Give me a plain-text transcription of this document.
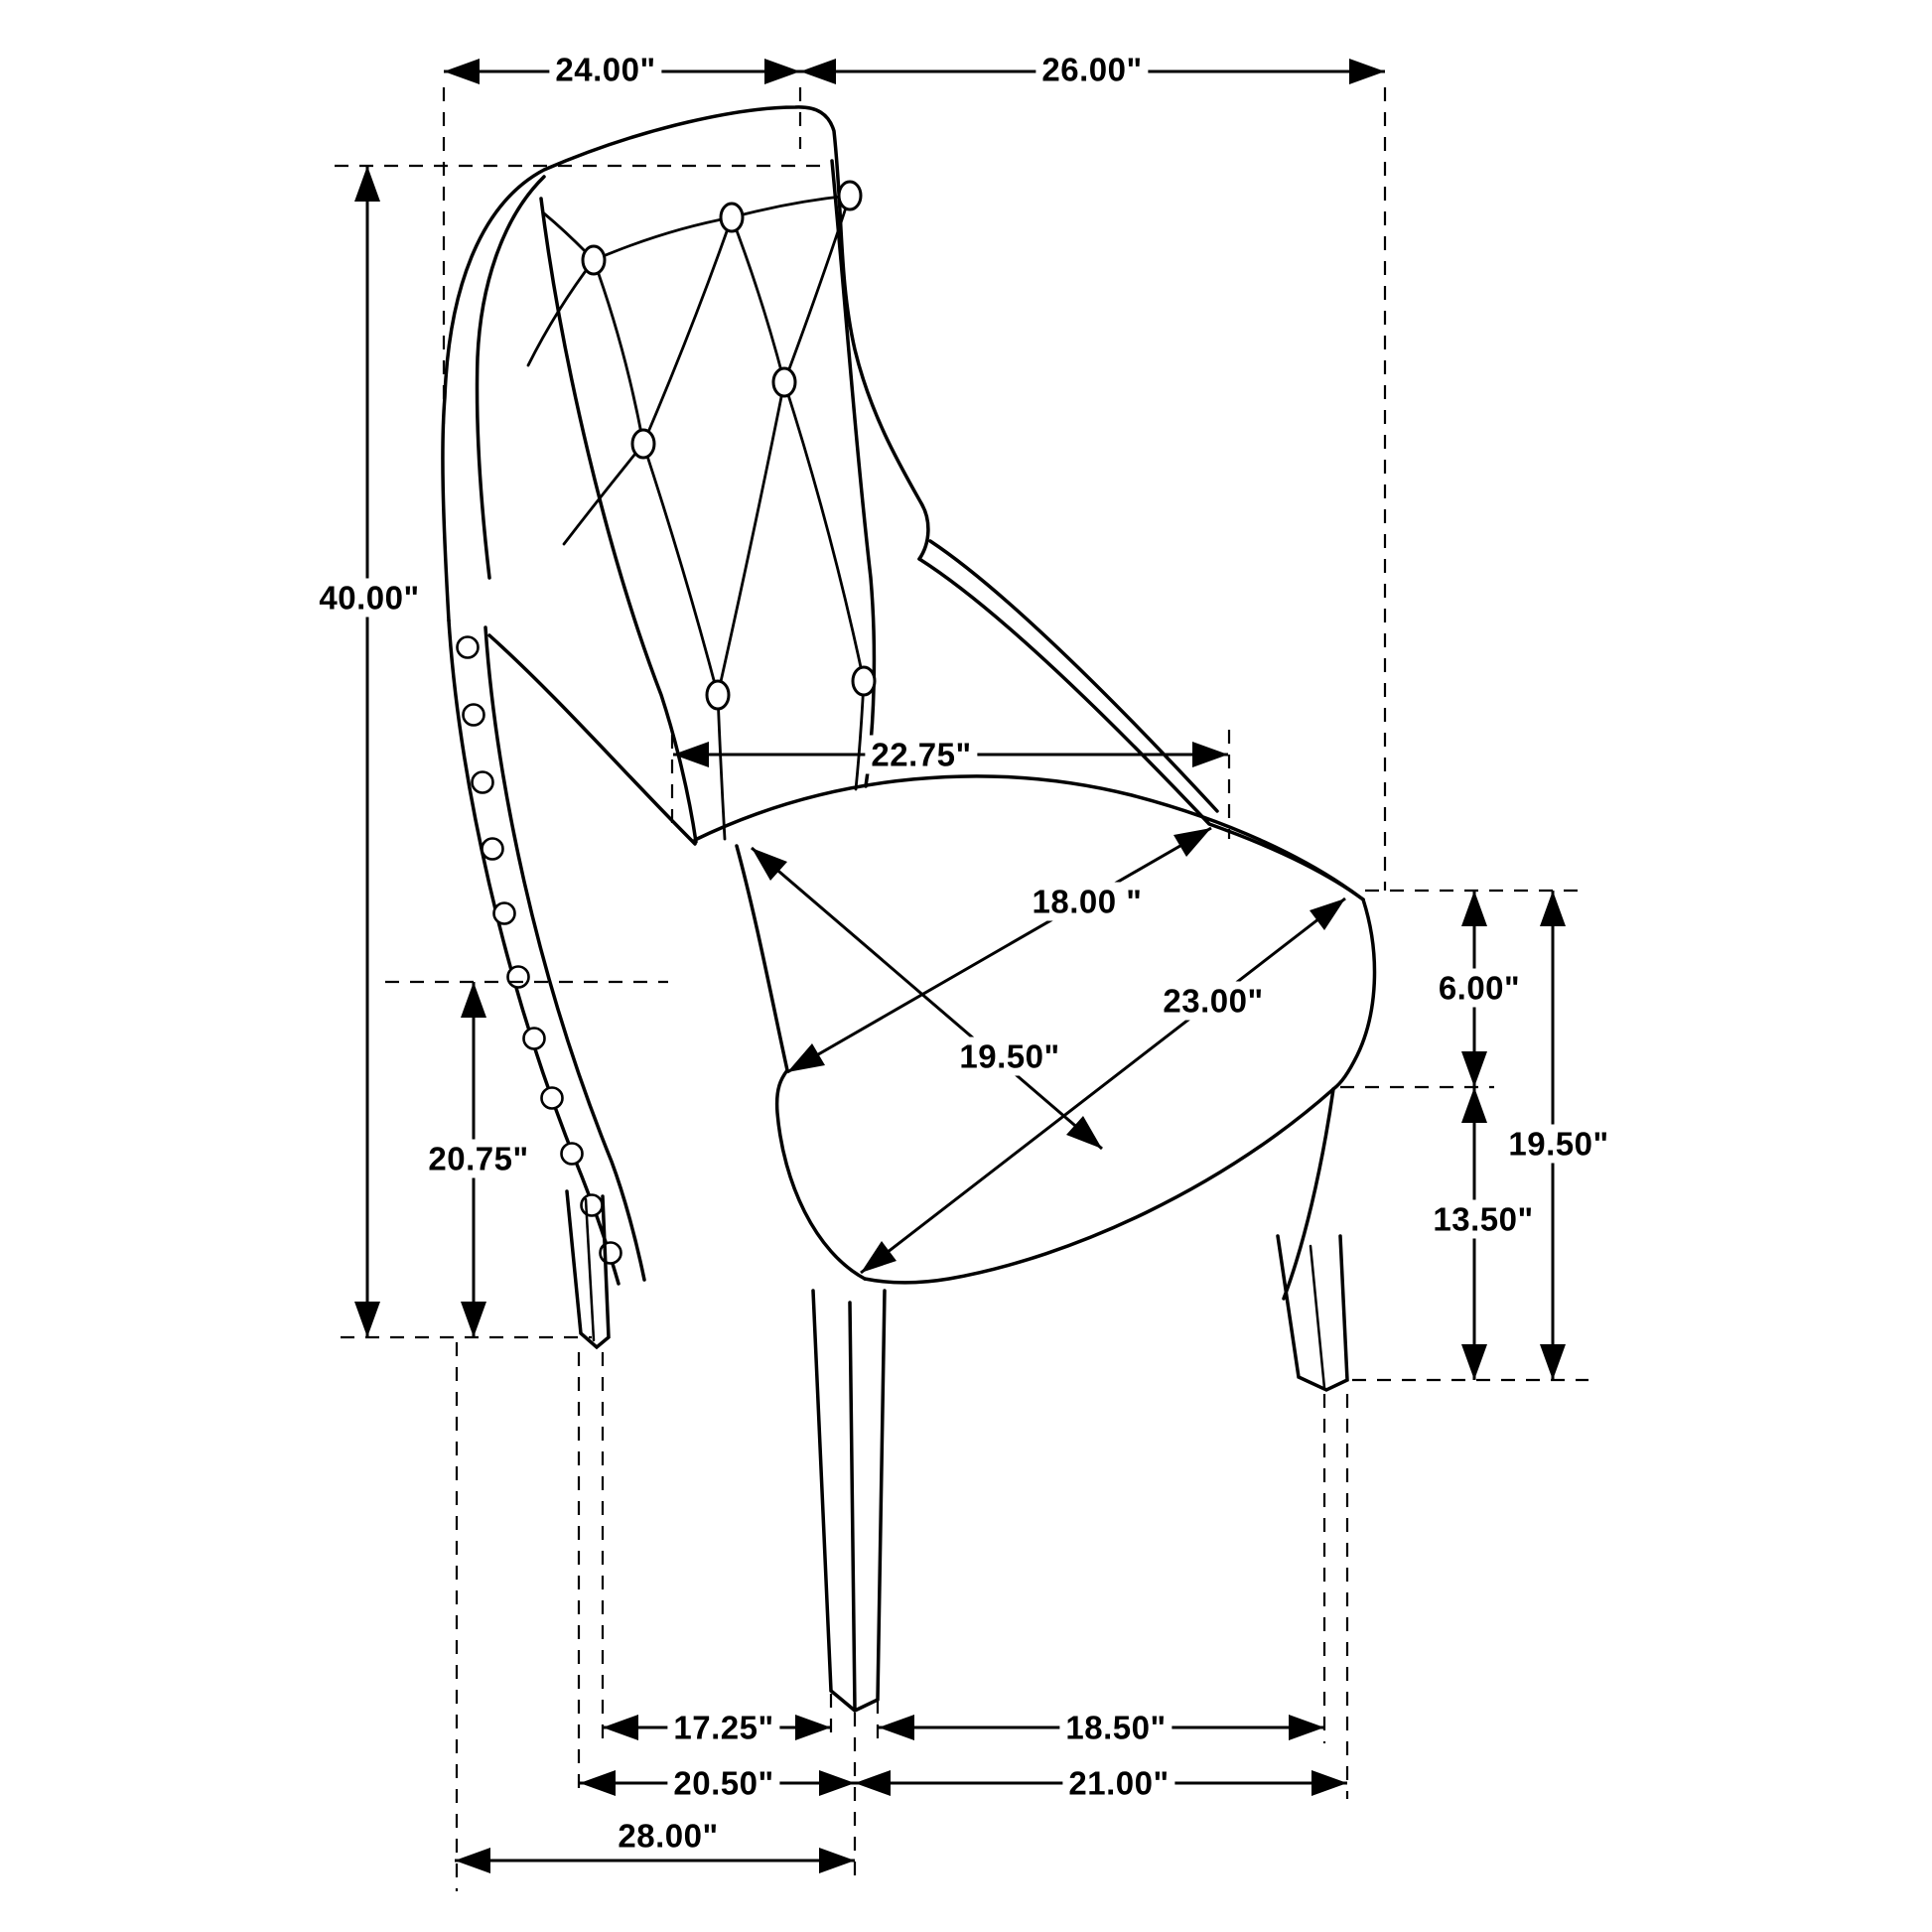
24.00"	26.00"
40.00"
20.75"
22.75"
18.00 "
19.50"
23.00"	6.00"
19.50"
13.50"
17.25"	18.50"
20.50"	21.00"
28.00"
